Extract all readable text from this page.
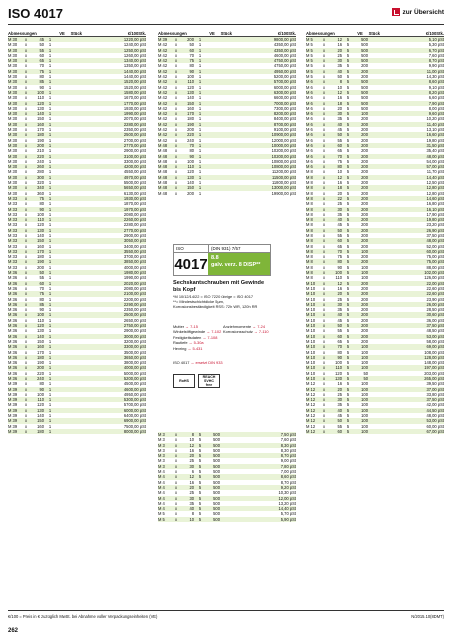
ISO 4017	zur Übersicht
Abmessungen	VE	Stück	€/100Stk.
M 30	x	45	1	1220,00 pSt
M 30	x	50	1	1240,00 pSt
M 30	x	55	1	1250,00 pSt
M 30	x	60	1	1260,00 pSt
M 30	x	65	1	1340,00 pSt
M 30	x	70	1	1350,00 pSt
M 30	x	75	1	1440,00 pSt
M 30	x	80	1	1440,00 pSt
M 30	x	85	1	1520,00 pSt
M 30	x	90	1	1520,00 pSt
M 30	x	100	1	1580,00 pSt
M 30	x	110	1	1670,00 pSt
M 30	x	120	1	1770,00 pSt
M 30	x	130	1	1930,00 pSt
M 30	x	140	1	1990,00 pSt
M 30	x	150	1	2070,00 pSt
M 30	x	160	1	2280,00 pSt
M 30	x	170	1	2350,00 pSt
M 30	x	180	1	2500,00 pSt
M 30	x	190	1	2700,00 pSt
M 30	x	200	1	2770,00 pSt
M 30	x	210	1	2900,00 pSt
M 30	x	220	1	3100,00 pSt
M 30	x	240	1	3300,00 pSt
M 30	x	260	1	4200,00 pSt
M 30	x	280	1	4550,00 pSt
M 30	x	300	1	4970,00 pSt
M 30	x	320	1	5500,00 pSt
M 30	x	340	1	5650,00 pSt
M 30	x	360	1	6130,00 pSt
M 33	x	75	1	1930,00 pSt
M 33	x	80	1	1870,00 pSt
M 33	x	90	1	1970,00 pSt
M 33	x	100	1	2080,00 pSt
M 33	x	110	1	2260,00 pSt
M 33	x	120	1	2280,00 pSt
M 33	x	130	1	2770,00 pSt
M 33	x	140	1	2900,00 pSt
M 33	x	150	1	3050,00 pSt
M 33	x	160	1	3400,00 pSt
M 33	x	170	1	3550,00 pSt
M 33	x	180	1	3700,00 pSt
M 33	x	190	1	3850,00 pSt
M 33	x	200	1	4000,00 pSt
M 36	x	50	1	1980,00 pSt
M 36	x	55	1	1990,00 pSt
M 36	x	60	1	2020,00 pSt
M 36	x	70	1	2080,00 pSt
M 36	x	75	1	2100,00 pSt
M 36	x	80	1	2200,00 pSt
M 36	x	85	1	2290,00 pSt
M 36	x	90	1	2350,00 pSt
M 36	x	100	1	2500,00 pSt
M 36	x	110	1	2650,00 pSt
M 36	x	120	1	2750,00 pSt
M 36	x	130	1	2900,00 pSt
M 36	x	140	1	3000,00 pSt
M 36	x	150	1	3200,00 pSt
M 36	x	160	1	3300,00 pSt
M 36	x	170	1	3500,00 pSt
M 36	x	180	1	3650,00 pSt
M 36	x	190	1	3800,00 pSt
M 36	x	200	1	4000,00 pSt
M 36	x	220	1	5000,00 pSt
M 36	x	240	1	5200,00 pSt
M 39	x	80	1	4500,00 pSt
M 39	x	90	1	4600,00 pSt
M 39	x	100	1	4950,00 pSt
M 39	x	110	1	5300,00 pSt
M 39	x	120	1	5700,00 pSt
M 39	x	130	1	6000,00 pSt
M 39	x	140	1	6400,00 pSt
M 39	x	150	1	6900,00 pSt
M 39	x	160	1	7500,00 pSt
M 39	x	180	1	8000,00 pSt
Abmessungen	VE	Stück	€/100Stk.
M 39	x	200	1	9800,00 pSt
M 42	x	50	1	4350,00 pSt
M 42	x	60	1	4350,00 pSt
M 42	x	70	1	4600,00 pSt
M 42	x	75	1	4750,00 pSt
M 42	x	80	1	4750,00 pSt
M 42	x	90	1	4950,00 pSt
M 42	x	100	1	5200,00 pSt
M 42	x	110	1	5700,00 pSt
M 42	x	120	1	6000,00 pSt
M 42	x	130	1	6300,00 pSt
M 42	x	140	1	6600,00 pSt
M 42	x	150	1	7000,00 pSt
M 42	x	160	1	7300,00 pSt
M 42	x	170	1	8200,00 pSt
M 42	x	180	1	8400,00 pSt
M 42	x	190	1	8700,00 pSt
M 42	x	200	1	9100,00 pSt
M 42	x	220	1	10900,00 pSt
M 42	x	240	1	12000,00 pSt
M 48	x	70	1	10000,00 pSt
M 48	x	80	1	10200,00 pSt
M 48	x	90	1	10200,00 pSt
M 48	x	100	1	10800,00 pSt
M 48	x	110	1	10800,00 pSt
M 48	x	120	1	11200,00 pSt
M 48	x	130	1	11500,00 pSt
M 48	x	140	1	11800,00 pSt
M 48	x	150	1	13000,00 pSt
M 48	x	200	1	19900,00 pSt
M 3	x	8	5	500	7,50 pSt
M 3	x	10	5	500	7,60 pSt
M 3	x	12	5	500	8,30 pSt
M 3	x	16	5	500	8,30 pSt
M 3	x	20	5	500	8,70 pSt
M 3	x	25	5	500	9,00 pSt
M 3	x	30	5	500	7,80 pSt
M 4	x	6	5	500	7,00 pSt
M 4	x	12	5	500	8,60 pSt
M 4	x	16	5	500	8,70 pSt
M 4	x	20	5	500	9,20 pSt
M 4	x	25	5	500	10,30 pSt
M 4	x	30	5	500	12,00 pSt
M 4	x	35	5	500	13,20 pSt
M 4	x	40	5	500	14,40 pSt
M 5	x	8	5	500	5,70 pSt
M 5	x	10	5	500	5,90 pSt
Abmessungen	VE	Stück	€/100Stk.
M 5	x	12	5	500	5,10 pSt
M 5	x	16	5	500	5,30 pSt
M 5	x	20	5	500	6,70 pSt
M 5	x	25	5	500	7,60 pSt
M 5	x	30	5	500	8,70 pSt
M 5	x	35	5	200	9,90 pSt
M 5	x	40	5	200	11,00 pSt
M 5	x	50	5	200	14,30 pSt
M 6	x	8	5	500	8,60 pSt
M 6	x	10	5	500	9,10 pSt
M 6	x	12	5	500	8,20 pSt
M 6	x	16	5	500	6,60 pSt
M 6	x	18	5	500	7,90 pSt
M 6	x	20	5	500	8,00 pSt
M 6	x	30	5	100	9,60 pSt
M 6	x	35	5	200	10,20 pSt
M 6	x	40	5	200	11,40 pSt
M 6	x	45	5	200	13,10 pSt
M 6	x	50	5	200	16,60 pSt
M 6	x	55	5	200	19,80 pSt
M 6	x	60	5	200	31,50 pSt
M 6	x	65	5	200	35,40 pSt
M 6	x	70	5	200	48,00 pSt
M 6	x	75	5	200	54,00 pSt
M 6	x	80	5	200	57,00 pSt
M 8	x	10	5	200	11,70 pSt
M 8	x	12	5	200	14,40 pSt
M 8	x	16	5	200	12,50 pSt
M 8	x	18	5	200	12,80 pSt
M 8	x	20	5	200	12,80 pSt
M 8	x	22	5	200	14,60 pSt
M 8	x	25	5	200	16,80 pSt
M 8	x	30	5	200	16,10 pSt
M 8	x	35	5	200	17,90 pSt
M 8	x	40	5	200	19,80 pSt
M 8	x	45	5	200	23,20 pSt
M 8	x	50	5	200	26,90 pSt
M 8	x	55	5	200	37,50 pSt
M 8	x	60	5	200	48,00 pSt
M 8	x	65	5	200	52,00 pSt
M 8	x	70	5	100	60,00 pSt
M 8	x	75	5	200	75,00 pSt
M 8	x	80	5	200	75,00 pSt
M 8	x	90	5	100	88,00 pSt
M 8	x	100	5	100	102,00 pSt
M 8	x	110	5	100	126,00 pSt
M 10	x	12	5	200	22,00 pSt
M 10	x	16	5	200	22,60 pSt
M 10	x	20	5	200	22,60 pSt
M 10	x	25	5	200	23,90 pSt
M 10	x	30	5	200	26,00 pSt
M 10	x	35	5	200	28,50 pSt
M 10	x	40	5	200	30,60 pSt
M 10	x	45	5	200	36,00 pSt
M 10	x	50	5	200	37,50 pSt
M 10	x	55	5	200	48,50 pSt
M 10	x	60	5	200	53,00 pSt
M 10	x	65	5	200	58,00 pSt
M 10	x	70	5	100	69,00 pSt
M 10	x	80	5	100	108,00 pSt
M 10	x	90	5	100	128,00 pSt
M 10	x	100	5	100	148,00 pSt
M 10	x	110	5	100	197,00 pSt
M 10	x	120	5	50	203,00 pSt
M 10	x	130	5	50	265,00 pSt
M 12	x	16	5	100	39,50 pSt
M 12	x	20	5	100	37,00 pSt
M 12	x	25	5	100	33,80 pSt
M 12	x	30	5	100	37,50 pSt
M 12	x	35	5	100	42,00 pSt
M 12	x	40	5	100	44,50 pSt
M 12	x	45	5	100	48,00 pSt
M 12	x	50	5	100	53,00 pSt
M 12	x	55	5	100	60,00 pSt
M 12	x	60	5	100	67,00 pSt
ISO	(DIN 931) 7/57
4017 8.8
galv. verz. 8 DISP**
Sechskantschrauben mit Gewinde bis Kopf
*M 10/12/14/22 = ISO 7220 übrige = ISO 4017
**= Mindestschichtdicke 5µm,
Korrosionsbeständigkeit RSS: 72h WR, 120h RR
Mutter → 7-15	Anziehmomente → 7-24
Winkelstiftgewinde → 7-102 Korrosionsschutz → 7-110
Festigkeitsdaten → 7-108
Rautiefe → 5-30a
Hexring → 5-431
ISO 4017 → ersetzt DIN 933
RoHS
REACH
SVHC
free
€/100 = Preis in € zuzüglich MwSt. bei Abnahme voller Verpackungseinheiten (VE)	N/2015.10(8DMT)
262
